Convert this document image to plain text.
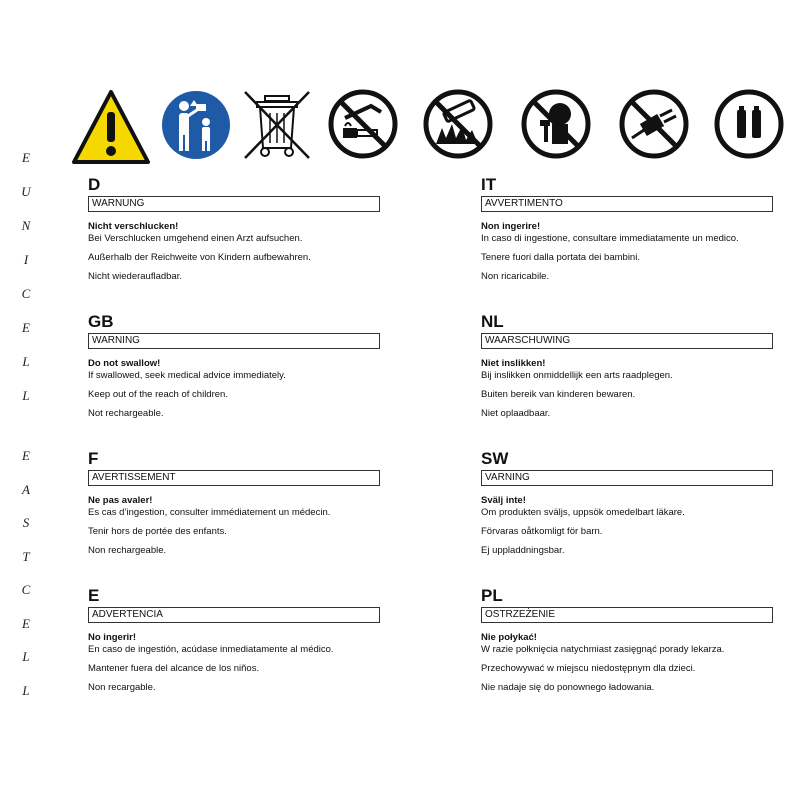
E
U
N
I
C
E
L
L
E
A
S
T
C
E
L
L
D
WARNUNG
Nicht verschlucken!
Bei Verschlucken umgehend einen Arzt aufsuchen.
Außerhalb der Reichweite von Kindern aufbewahren.
Nicht wiederaufladbar.
IT
AVVERTIMENTO
Non ingerire!
In caso di ingestione, consultare immediatamente un medico.
Tenere fuori dalla portata dei bambini.
Non ricaricabile.
GB
WARNING
Do not swallow!
If swallowed, seek medical advice immediately.
Keep out of the reach of children.
Not rechargeable.
NL
WAARSCHUWING
Niet inslikken!
Bij inslikken onmiddellijk een arts raadplegen.
Buiten bereik van kinderen bewaren.
Niet oplaadbaar.
F
AVERTISSEMENT
Ne pas avaler!
Es cas d’ingestion, consulter immédiatement un médecin.
Tenir hors de portée des enfants.
Non rechargeable.
SW
VARNING
Svälj inte!
Om produkten sväljs, uppsök omedelbart läkare.
Förvaras oåtkomligt för barn.
Ej uppladdningsbar.
E
ADVERTENCIA
No ingerir!
En caso de ingestión, acúdase inmediatamente al médico.
Mantener fuera del alcance de los niños.
Non recargable.
PL
OSTRZEŻENIE
Nie połykać!
W razie połknięcia natychmiast zasięgnąć porady lekarza.
Przechowywać w miejscu niedostępnym dla dzieci.
Nie nadaje się do ponownego ładowania.
